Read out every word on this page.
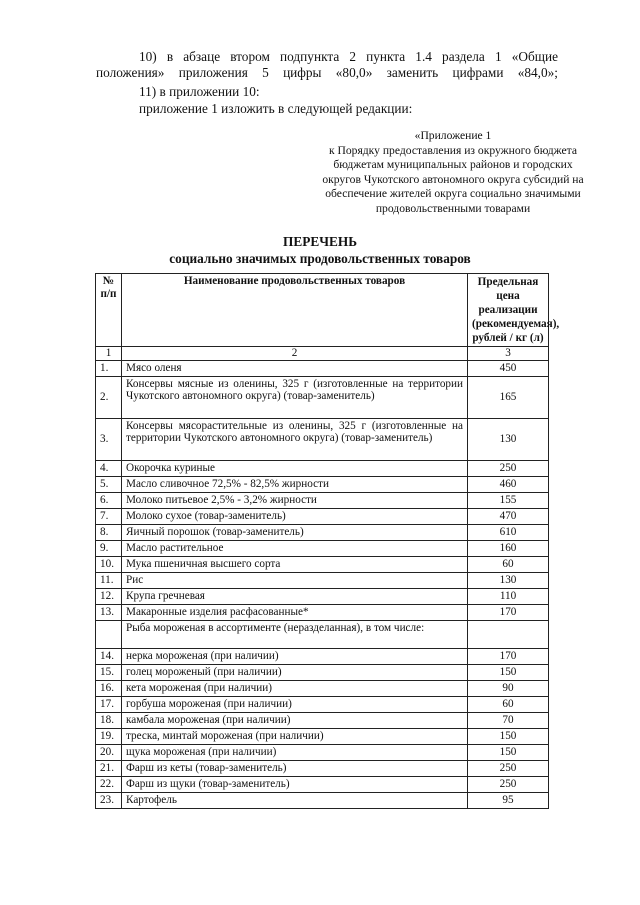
10) в абзаце втором подпункта 2 пункта 1.4 раздела 1 «Общие положения» приложения 5 цифры «80,0» заменить цифрами «84,0»;
11) в приложении 10:
приложение 1 изложить в следующей редакции:
«Приложение 1
к Порядку предоставления из окружного бюджета
бюджетам муниципальных районов и городских
округов Чукотского автономного округа субсидий на
обеспечение жителей округа социально значимыми
продовольственными товарами
ПЕРЕЧЕНЬ
социально значимых продовольственных товаров
№ п/п	Наименование продовольственных товаров	Предельная цена реализации (рекомендуемая), рублей / кг (л)
1	2	3
1.	Мясо оленя	450
2.	Консервы мясные из оленины, 325 г (изготовленные на территории Чукотского автономного округа) (товар-заменитель)	165
3.	Консервы мясорастительные из оленины, 325 г (изготовленные на территории Чукотского автономного округа) (товар-заменитель)	130
4.	Окорочка куриные	250
5.	Масло сливочное 72,5% - 82,5% жирности	460
6.	Молоко питьевое 2,5% - 3,2% жирности	155
7.	Молоко сухое (товар-заменитель)	470
8.	Яичный порошок (товар-заменитель)	610
9.	Масло растительное	160
10.	Мука пшеничная высшего сорта	60
11.	Рис	130
12.	Крупа гречневая	110
13.	Макаронные изделия расфасованные*	170
	Рыба мороженая в ассортименте (неразделанная), в том числе:	
14.	нерка мороженая (при наличии)	170
15.	голец мороженый (при наличии)	150
16.	кета мороженая (при наличии)	90
17.	горбуша мороженая (при наличии)	60
18.	камбала мороженая (при наличии)	70
19.	треска, минтай мороженая (при наличии)	150
20.	щука мороженая (при наличии)	150
21.	Фарш из кеты (товар-заменитель)	250
22.	Фарш из щуки (товар-заменитель)	250
23.	Картофель	95
